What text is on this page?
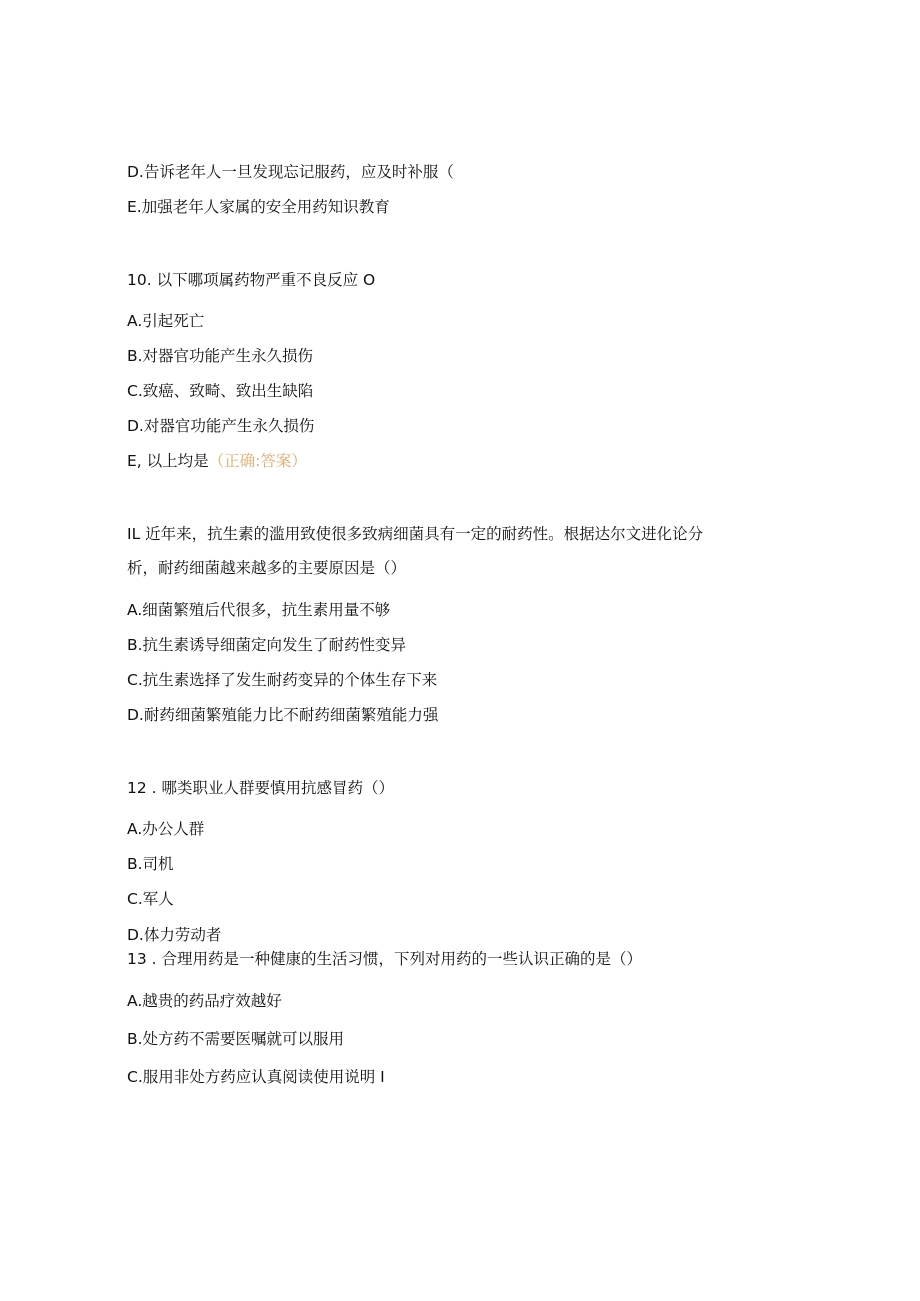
D.告诉老年人一旦发现忘记服药，应及时补服（
E.加强老年人家属的安全用药知识教育
10. 以下哪项属药物严重不良反应 O
A.引起死亡
B.对器官功能产生永久损伤
C.致癌、致畸、致出生缺陷
D.对器官功能产生永久损伤
E, 以上均是（正确:答案）
IL 近年来，抗生素的滥用致使很多致病细菌具有一定的耐药性。根据达尔文进化论分
析，耐药细菌越来越多的主要原因是（）
A.细菌繁殖后代很多，抗生素用量不够
B.抗生素诱导细菌定向发生了耐药性变异
C.抗生素选择了发生耐药变异的个体生存下来
D.耐药细菌繁殖能力比不耐药细菌繁殖能力强
12 . 哪类职业人群要慎用抗感冒药（）
A.办公人群
B.司机
C.军人
D.体力劳动者
13 . 合理用药是一种健康的生活习惯，下列对用药的一些认识正确的是（）
A.越贵的药品疗效越好
B.处方药不需要医嘱就可以服用
C.服用非处方药应认真阅读使用说明 I
